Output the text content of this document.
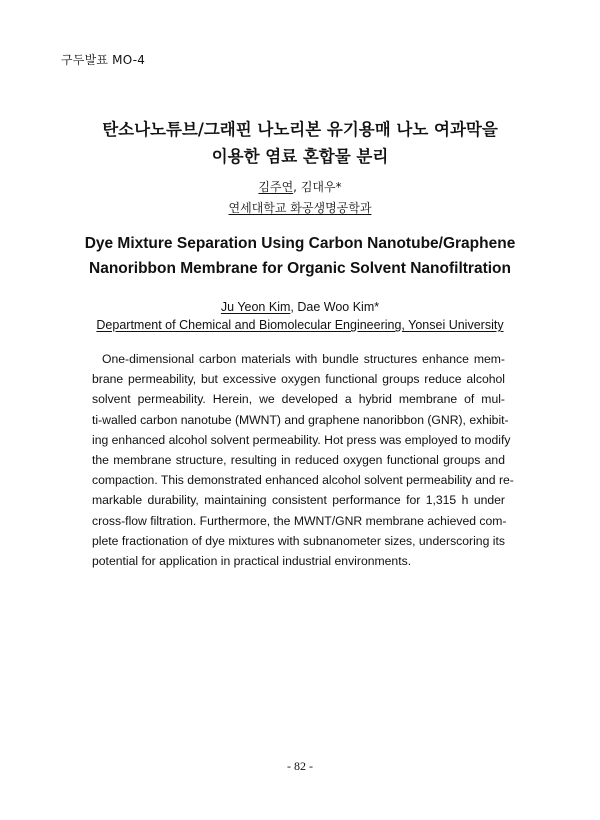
구두발표 MO-4
탄소나노튜브/그래핀 나노리본 유기용매 나노 여과막을
이용한 염료 혼합물 분리
김주연, 김대우*
연세대학교 화공생명공학과
Dye Mixture Separation Using Carbon Nanotube/Graphene
Nanoribbon Membrane for Organic Solvent Nanofiltration
Ju Yeon Kim, Dae Woo Kim*
Department of Chemical and Biomolecular Engineering, Yonsei University
One-dimensional carbon materials with bundle structures enhance mem-
brane permeability, but excessive oxygen functional groups reduce alcohol
solvent permeability. Herein, we developed a hybrid membrane of mul-
ti-walled carbon nanotube (MWNT) and graphene nanoribbon (GNR), exhibit-
ing enhanced alcohol solvent permeability. Hot press was employed to modify
the membrane structure, resulting in reduced oxygen functional groups and
compaction. This demonstrated enhanced alcohol solvent permeability and re-
markable durability, maintaining consistent performance for 1,315 h under
cross-flow filtration. Furthermore, the MWNT/GNR membrane achieved com-
plete fractionation of dye mixtures with subnanometer sizes, underscoring its
potential for application in practical industrial environments.
- 82 -
